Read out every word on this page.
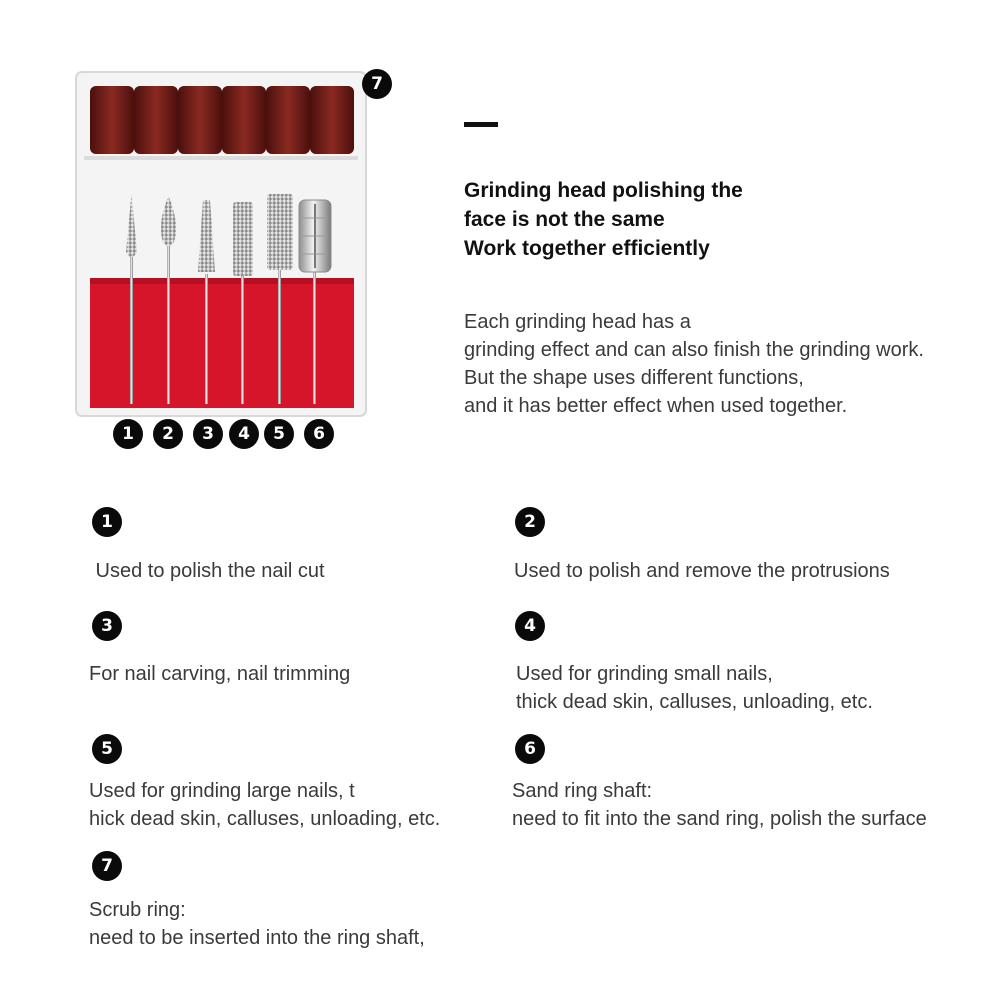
7
1	2	3	4	5	6
Grinding head polishing the
face is not the same
Work together efficiently
Each grinding head has a
grinding effect and can also finish the grinding work.
But the shape uses different functions,
and it has better effect when used together.
1
Used to polish the nail cut
2
Used to polish and remove the protrusions
3
For nail carving, nail trimming
4
Used for grinding small nails,
thick dead skin, calluses, unloading, etc.
5
Used for grinding large nails, t
hick dead skin, calluses, unloading, etc.
6
Sand ring shaft:
need to fit into the sand ring, polish the surface
7
Scrub ring:
need to be inserted into the ring shaft,
